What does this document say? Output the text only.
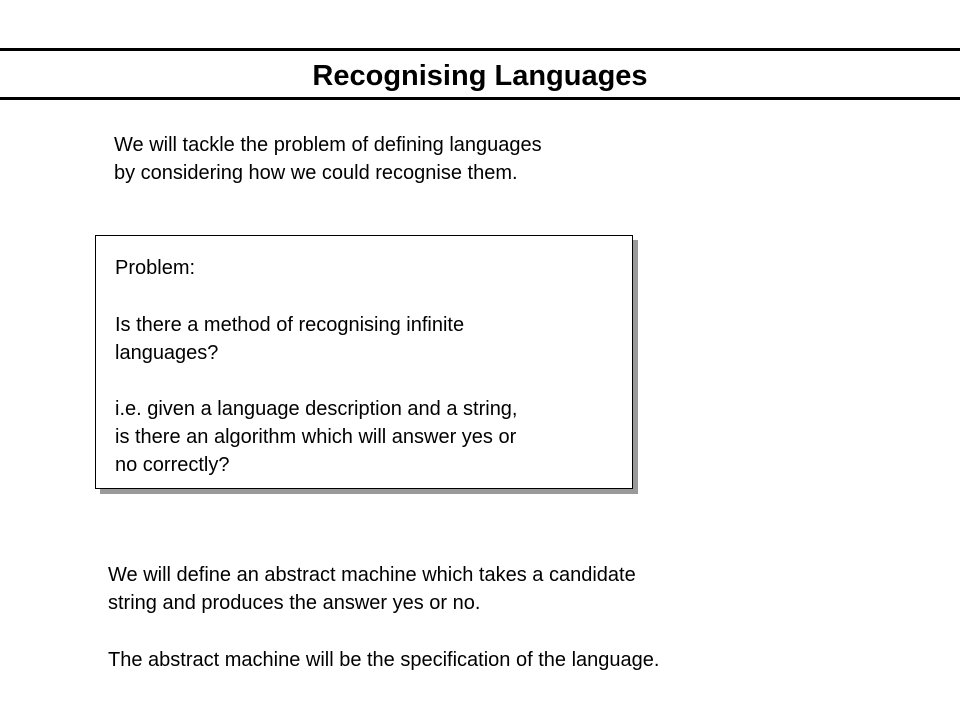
Recognising Languages

We will tackle the problem of defining languages
by considering how we could recognise them.

Problem:

Is there a method of recognising infinite
languages?

i.e. given a language description and a string,
is there an algorithm which will answer yes or
no correctly?

We will define an abstract machine which takes a candidate
string and produces the answer yes or no.

The abstract machine will be the specification of the language.
